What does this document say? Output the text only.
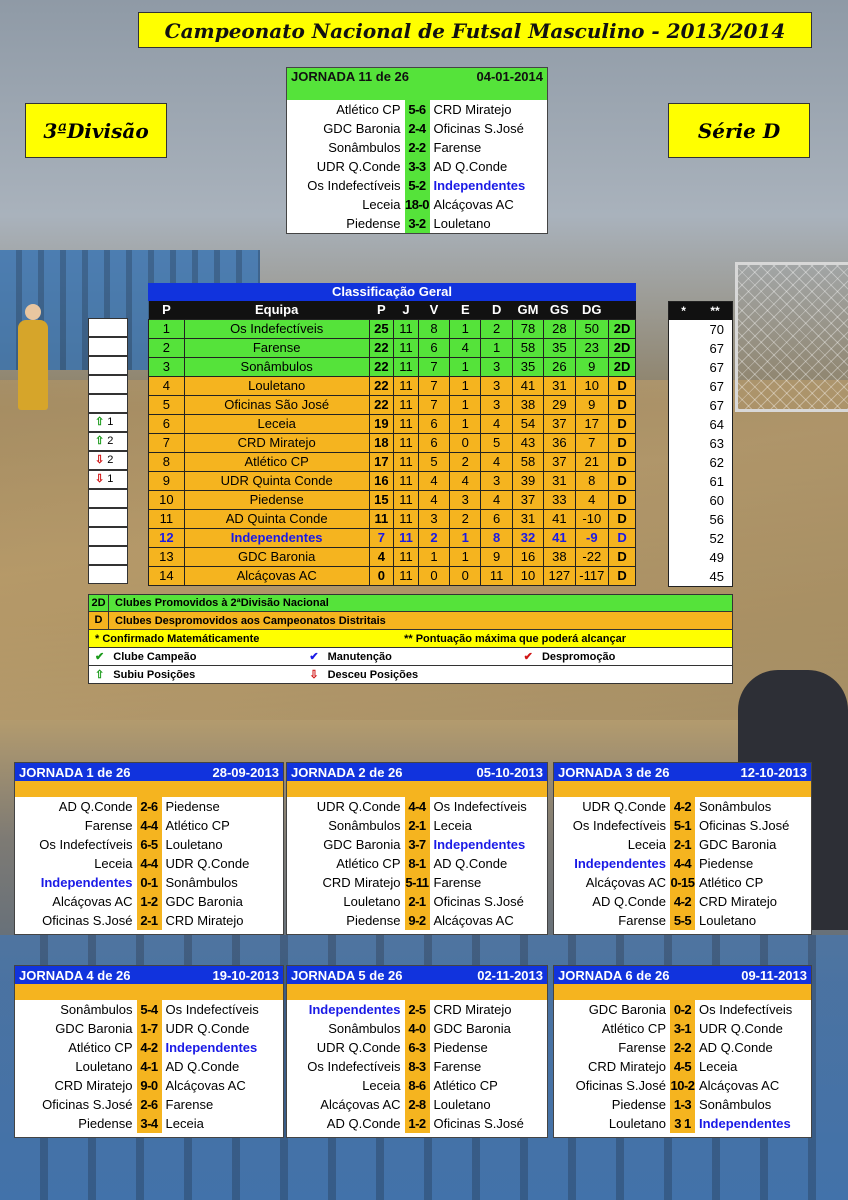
Campeonato Nacional de Futsal Masculino - 2013/2014
3ªDivisão	Série D
JORNADA 11 de 26	04-01-2014
Atlético CP 5-6 CRD Miratejo
GDC Baronia 2-4 Oficinas S.José
Sonâmbulos 2-2 Farense
UDR Q.Conde 3-3 AD Q.Conde
Os Indefectíveis 5-2 Independentes
Leceia 18-0 Alcáçovas AC
Piedense 3-2 Louletano
Classificação Geral
P	Equipa	P	J	V	E	D	GM	GS	DG	
1	Os Indefectíveis	25	11	8	1	2	78	28	50	2D
2	Farense	22	11	6	4	1	58	35	23	2D
3	Sonâmbulos	22	11	7	1	3	35	26	9	2D
4	Louletano	22	11	7	1	3	41	31	10	D
5	Oficinas São José	22	11	7	1	3	38	29	9	D
6	Leceia	19	11	6	1	4	54	37	17	D
7	CRD Miratejo	18	11	6	0	5	43	36	7	D
8	Atlético CP	17	11	5	2	4	58	37	21	D
9	UDR Quinta Conde	16	11	4	4	3	39	31	8	D
10	Piedense	15	11	4	3	4	37	33	4	D
11	AD Quinta Conde	11	11	3	2	6	31	41	-10	D
12	Independentes	7	11	2	1	8	32	41	-9	D
13	GDC Baronia	4	11	1	1	9	16	38	-22	D
14	Alcáçovas AC	0	11	0	0	11	10	127	-117	D
⇧ 1
⇧ 2
⇩ 2
⇩ 1
* **
70
67
67
67
67
64
63
62
61
60
56
52
49
45
2D Clubes Promovidos à 2ªDivisão Nacional
D	Clubes Despromovidos aos Campeonatos Distritais
* Confirmado Matemáticamente	** Pontuação máxima que poderá alcançar
✔ Clube Campeão	✔ Manutenção	✔ Despromoção
⇧ Subiu Posições	⇩ Desceu Posições
JORNADA 1 de 26	28-09-2013
AD Q.Conde 2-6 Piedense
Farense 4-4 Atlético CP
Os Indefectíveis 6-5 Louletano
Leceia 4-4 UDR Q.Conde
Independentes 0-1 Sonâmbulos
Alcáçovas AC 1-2 GDC Baronia
Oficinas S.José 2-1 CRD Miratejo
JORNADA 2 de 26	05-10-2013
UDR Q.Conde 4-4 Os Indefectíveis
Sonâmbulos 2-1 Leceia
GDC Baronia 3-7 Independentes
Atlético CP 8-1 AD Q.Conde
CRD Miratejo 5-11 Farense
Louletano 2-1 Oficinas S.José
Piedense 9-2 Alcáçovas AC
JORNADA 3 de 26	12-10-2013
UDR Q.Conde 4-2 Sonâmbulos
Os Indefectíveis 5-1 Oficinas S.José
Leceia 2-1 GDC Baronia
Independentes 4-4 Piedense
Alcáçovas AC 0-15 Atlético CP
AD Q.Conde 4-2 CRD Miratejo
Farense 5-5 Louletano
JORNADA 4 de 26	19-10-2013
Sonâmbulos 5-4 Os Indefectíveis
GDC Baronia 1-7 UDR Q.Conde
Atlético CP 4-2 Independentes
Louletano 4-1 AD Q.Conde
CRD Miratejo 9-0 Alcáçovas AC
Oficinas S.José 2-6 Farense
Piedense 3-4 Leceia
JORNADA 5 de 26	02-11-2013
Independentes 2-5 CRD Miratejo
Sonâmbulos 4-0 GDC Baronia
UDR Q.Conde 6-3 Piedense
Os Indefectíveis 8-3 Farense
Leceia 8-6 Atlético CP
Alcáçovas AC 2-8 Louletano
AD Q.Conde 1-2 Oficinas S.José
JORNADA 6 de 26	09-11-2013
GDC Baronia 0-2 Os Indefectíveis
Atlético CP 3-1 UDR Q.Conde
Farense 2-2 AD Q.Conde
CRD Miratejo 4-5 Leceia
Oficinas S.José 10-2 Alcáçovas AC
Piedense 1-3 Sonâmbulos
Louletano 3 1 Independentes
